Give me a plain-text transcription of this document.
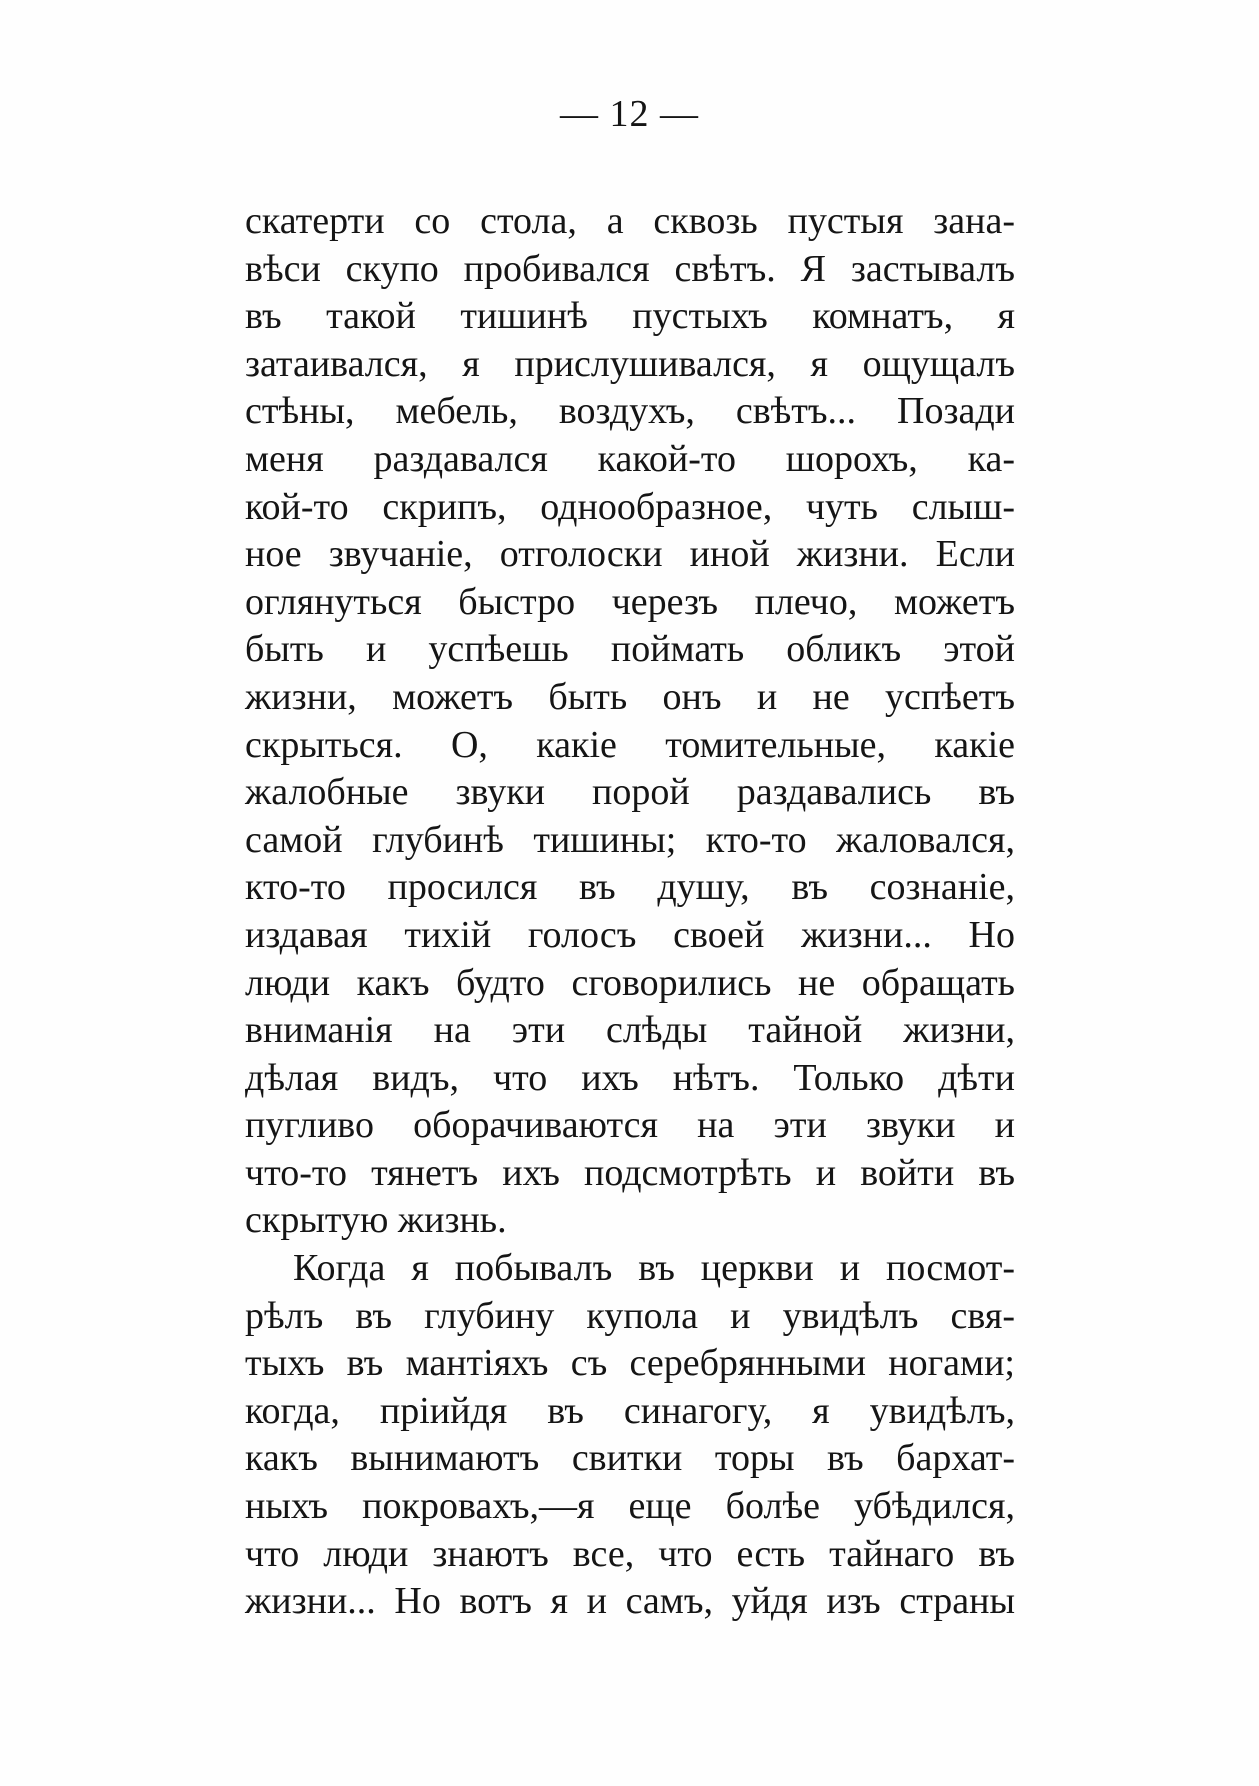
— 12 —
скатерти со стола, а сквозь пустыя зана-
вѣси скупо пробивался свѣтъ. Я застывалъ
въ такой тишинѣ пустыхъ комнатъ, я
затаивался, я прислушивался, я ощущалъ
стѣны, мебель, воздухъ, свѣтъ... Позади
меня раздавался какой-то шорохъ, ка-
кой-то скрипъ, однообразное, чуть слыш-
ное звучаніе, отголоски иной жизни. Если
оглянуться быстро черезъ плечо, можетъ
быть и успѣешь поймать обликъ этой
жизни, можетъ быть онъ и не успѣетъ
скрыться. О, какіе томительные, какіе
жалобные звуки порой раздавались въ
самой глубинѣ тишины; кто-то жаловался,
кто-то просился въ душу, въ сознаніе,
издавая тихій голосъ своей жизни... Но
люди какъ будто сговорились не обращать
вниманія на эти слѣды тайной жизни,
дѣлая видъ, что ихъ нѣтъ. Только дѣти
пугливо оборачиваются на эти звуки и
что-то тянетъ ихъ подсмотрѣть и войти въ
скрытую жизнь.
Когда я побывалъ въ церкви и посмот-
рѣлъ въ глубину купола и увидѣлъ свя-
тыхъ въ мантіяхъ съ серебрянными ногами;
когда, пріийдя въ синагогу, я увидѣлъ,
какъ вынимаютъ свитки торы въ бархат-
ныхъ покровахъ,—я еще болѣе убѣдился,
что люди знаютъ все, что есть тайнаго въ
жизни... Но вотъ я и самъ, уйдя изъ страны
